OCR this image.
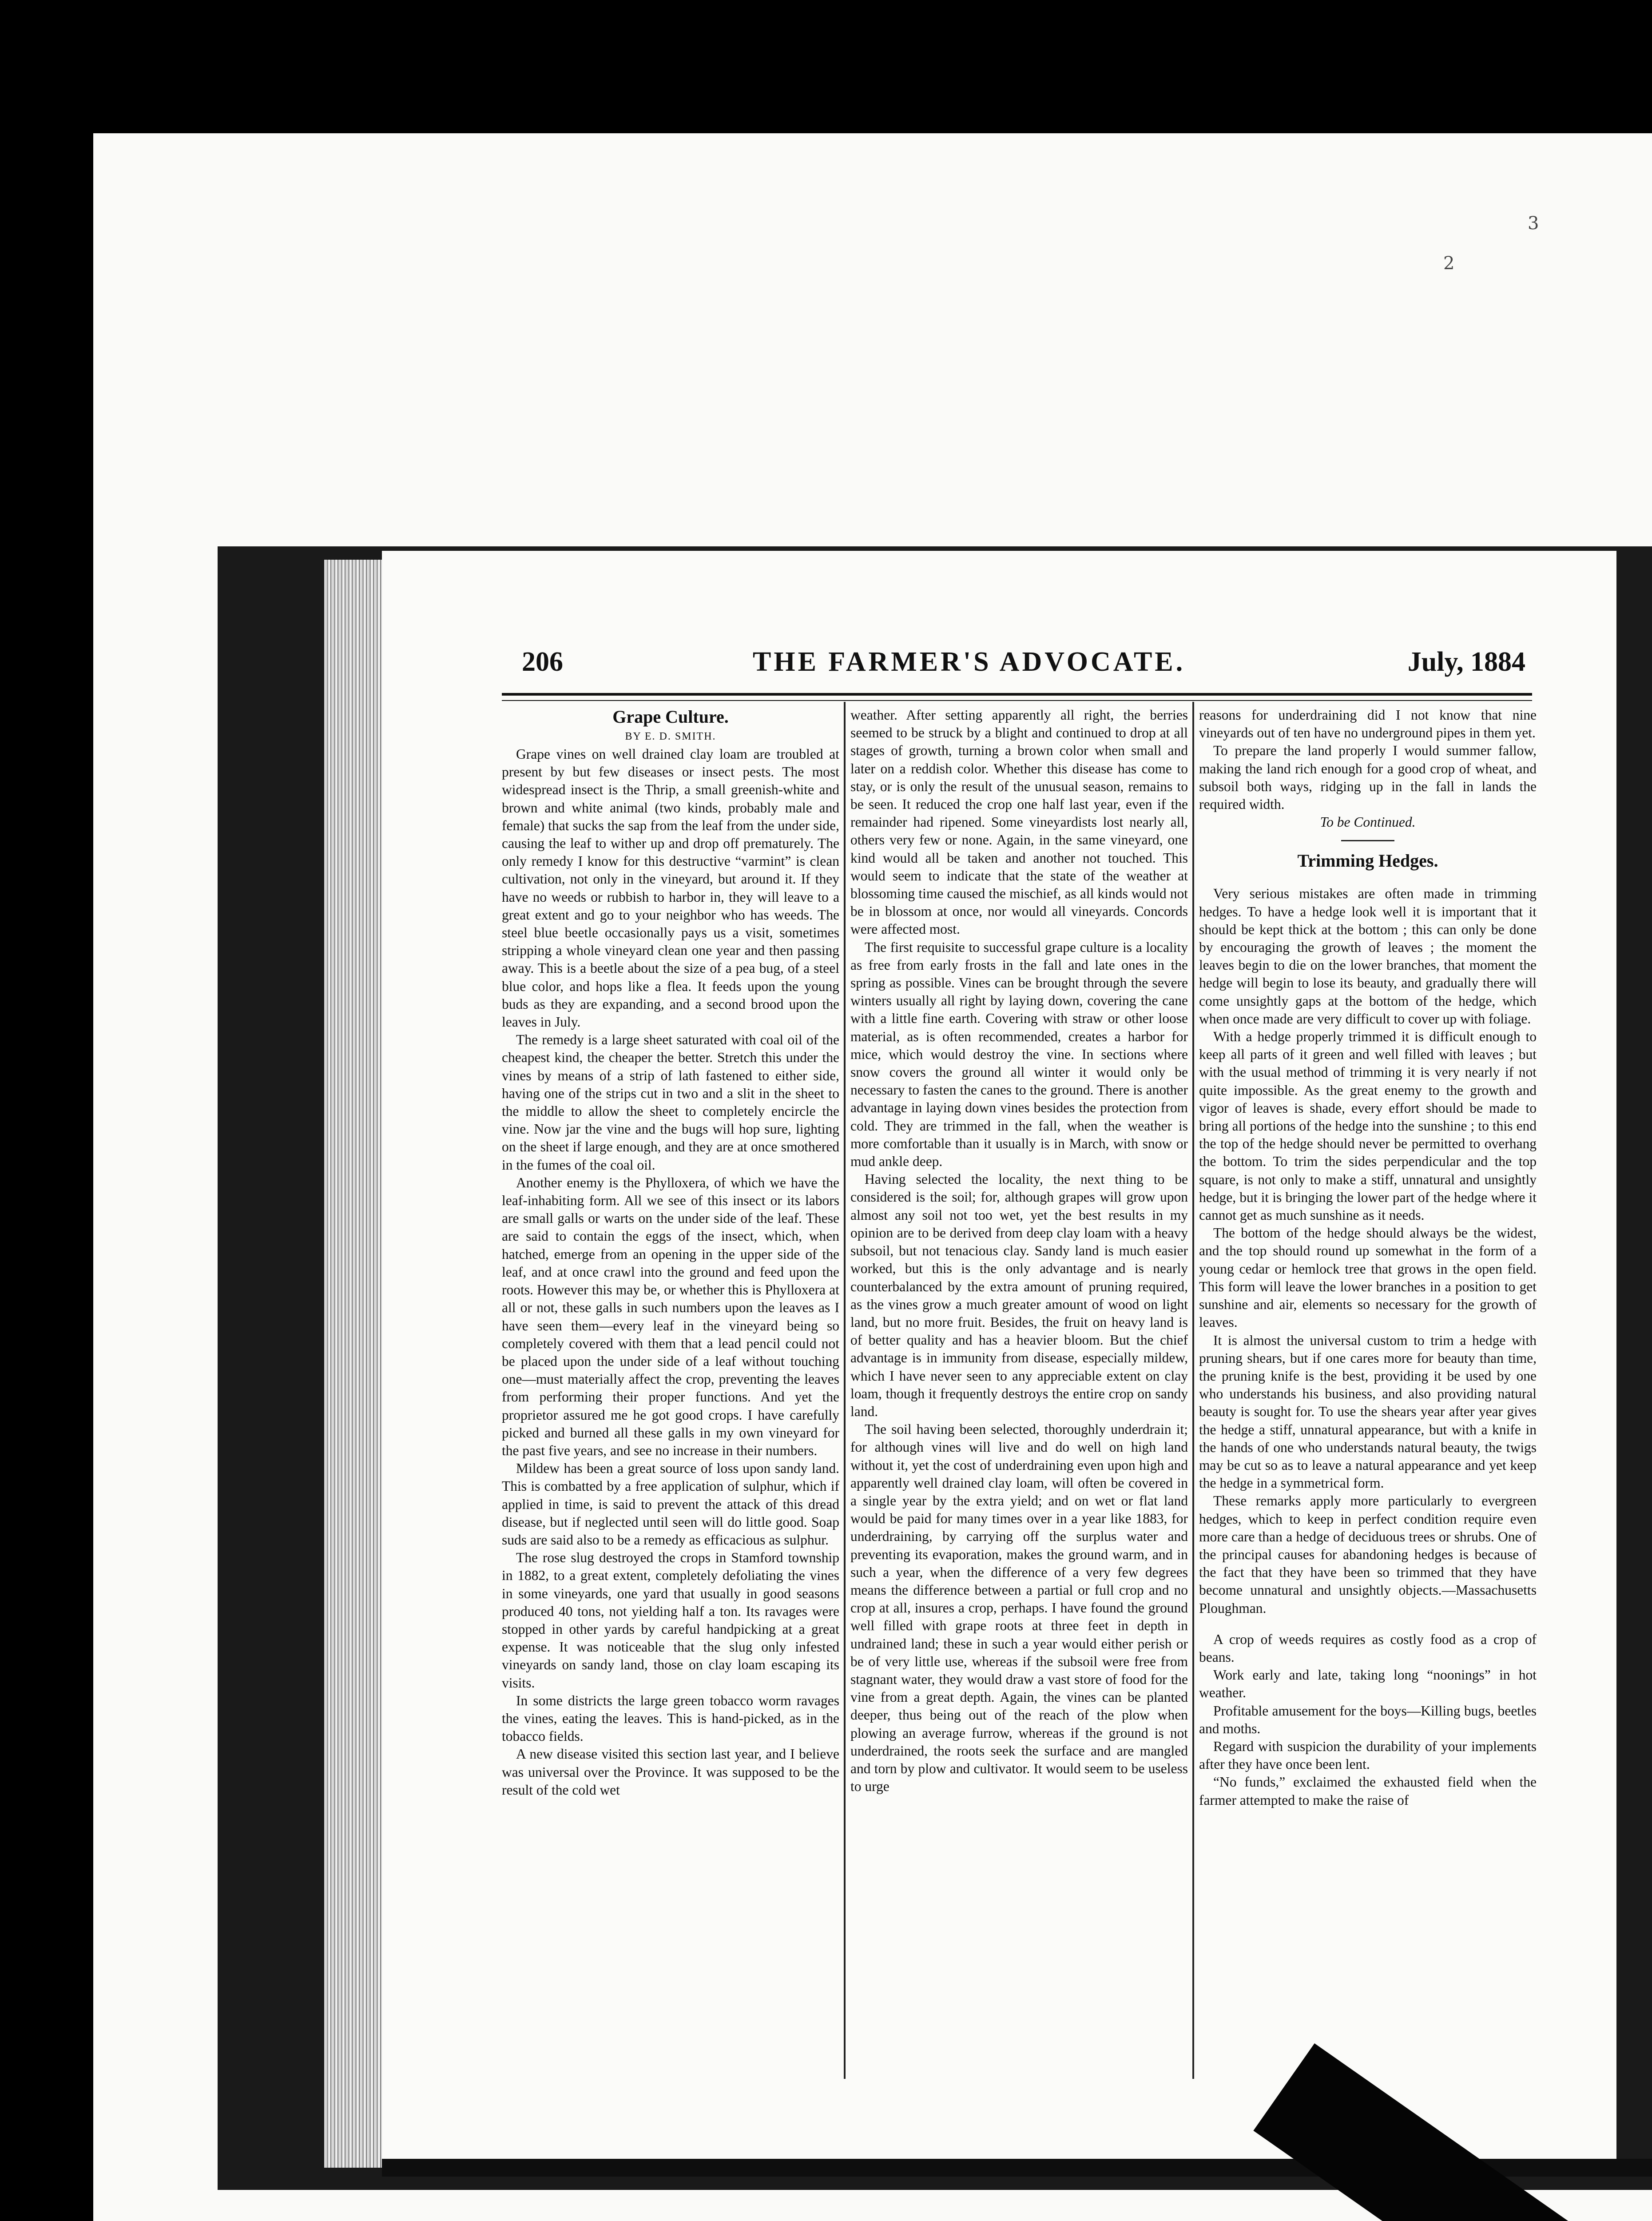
3
2
206	THE FARMER'S ADVOCATE.	July, 1884
Grape Culture.
BY E. D. SMITH.

Grape vines on well drained clay loam are troubled at present by but few diseases or insect pests. The most widespread insect is the Thrip, a small greenish-white and brown and white animal (two kinds, probably male and female) that sucks the sap from the leaf from the under side, causing the leaf to wither up and drop off prematurely. The only remedy I know for this destructive “varmint” is clean cultivation, not only in the vineyard, but around it. If they have no weeds or rubbish to harbor in, they will leave to a great extent and go to your neighbor who has weeds. The steel blue beetle occasionally pays us a visit, sometimes stripping a whole vineyard clean one year and then passing away. This is a beetle about the size of a pea bug, of a steel blue color, and hops like a flea. It feeds upon the young buds as they are expanding, and a second brood upon the leaves in July.

The remedy is a large sheet saturated with coal oil of the cheapest kind, the cheaper the better. Stretch this under the vines by means of a strip of lath fastened to either side, having one of the strips cut in two and a slit in the sheet to the middle to allow the sheet to completely encircle the vine. Now jar the vine and the bugs will hop sure, lighting on the sheet if large enough, and they are at once smothered in the fumes of the coal oil.

Another enemy is the Phylloxera, of which we have the leaf-inhabiting form. All we see of this insect or its labors are small galls or warts on the under side of the leaf. These are said to contain the eggs of the insect, which, when hatched, emerge from an opening in the upper side of the leaf, and at once crawl into the ground and feed upon the roots. However this may be, or whether this is Phylloxera at all or not, these galls in such numbers upon the leaves as I have seen them—every leaf in the vineyard being so completely covered with them that a lead pencil could not be placed upon the under side of a leaf without touching one—must materially affect the crop, preventing the leaves from performing their proper functions. And yet the proprietor assured me he got good crops. I have carefully picked and burned all these galls in my own vineyard for the past five years, and see no increase in their numbers.

Mildew has been a great source of loss upon sandy land. This is combatted by a free application of sulphur, which if applied in time, is said to prevent the attack of this dread disease, but if neglected until seen will do little good. Soap suds are said also to be a remedy as efficacious as sulphur.

The rose slug destroyed the crops in Stamford township in 1882, to a great extent, completely defoliating the vines in some vineyards, one yard that usually in good seasons produced 40 tons, not yielding half a ton. Its ravages were stopped in other yards by careful handpicking at a great expense. It was noticeable that the slug only infested vineyards on sandy land, those on clay loam escaping its visits.

In some districts the large green tobacco worm ravages the vines, eating the leaves. This is hand-picked, as in the tobacco fields.

A new disease visited this section last year, and I believe was universal over the Province. It was supposed to be the result of the cold wet

weather. After setting apparently all right, the berries seemed to be struck by a blight and continued to drop at all stages of growth, turning a brown color when small and later on a reddish color. Whether this disease has come to stay, or is only the result of the unusual season, remains to be seen. It reduced the crop one half last year, even if the remainder had ripened. Some vineyardists lost nearly all, others very few or none. Again, in the same vineyard, one kind would all be taken and another not touched. This would seem to indicate that the state of the weather at blossoming time caused the mischief, as all kinds would not be in blossom at once, nor would all vineyards. Concords were affected most.

The first requisite to successful grape culture is a locality as free from early frosts in the fall and late ones in the spring as possible. Vines can be brought through the severe winters usually all right by laying down, covering the cane with a little fine earth. Covering with straw or other loose material, as is often recommended, creates a harbor for mice, which would destroy the vine. In sections where snow covers the ground all winter it would only be necessary to fasten the canes to the ground. There is another advantage in laying down vines besides the protection from cold. They are trimmed in the fall, when the weather is more comfortable than it usually is in March, with snow or mud ankle deep.

Having selected the locality, the next thing to be considered is the soil; for, although grapes will grow upon almost any soil not too wet, yet the best results in my opinion are to be derived from deep clay loam with a heavy subsoil, but not tenacious clay. Sandy land is much easier worked, but this is the only advantage and is nearly counterbalanced by the extra amount of pruning required, as the vines grow a much greater amount of wood on light land, but no more fruit. Besides, the fruit on heavy land is of better quality and has a heavier bloom. But the chief advantage is in immunity from disease, especially mildew, which I have never seen to any appreciable extent on clay loam, though it frequently destroys the entire crop on sandy land.

The soil having been selected, thoroughly underdrain it; for although vines will live and do well on high land without it, yet the cost of underdraining even upon high and apparently well drained clay loam, will often be covered in a single year by the extra yield; and on wet or flat land would be paid for many times over in a year like 1883, for underdraining, by carrying off the surplus water and preventing its evaporation, makes the ground warm, and in such a year, when the difference of a very few degrees means the difference between a partial or full crop and no crop at all, insures a crop, perhaps. I have found the ground well filled with grape roots at three feet in depth in undrained land; these in such a year would either perish or be of very little use, whereas if the subsoil were free from stagnant water, they would draw a vast store of food for the vine from a great depth. Again, the vines can be planted deeper, thus being out of the reach of the plow when plowing an average furrow, whereas if the ground is not underdrained, the roots seek the surface and are mangled and torn by plow and cultivator. It would seem to be useless to urge

reasons for underdraining did I not know that nine vineyards out of ten have no underground pipes in them yet.

To prepare the land properly I would summer fallow, making the land rich enough for a good crop of wheat, and subsoil both ways, ridging up in the fall in lands the required width.

To be Continued.
Trimming Hedges.

Very serious mistakes are often made in trimming hedges. To have a hedge look well it is important that it should be kept thick at the bottom ; this can only be done by encouraging the growth of leaves ; the moment the leaves begin to die on the lower branches, that moment the hedge will begin to lose its beauty, and gradually there will come unsightly gaps at the bottom of the hedge, which when once made are very difficult to cover up with foliage.

With a hedge properly trimmed it is difficult enough to keep all parts of it green and well filled with leaves ; but with the usual method of trimming it is very nearly if not quite impossible. As the great enemy to the growth and vigor of leaves is shade, every effort should be made to bring all portions of the hedge into the sunshine ; to this end the top of the hedge should never be permitted to overhang the bottom. To trim the sides perpendicular and the top square, is not only to make a stiff, unnatural and unsightly hedge, but it is bringing the lower part of the hedge where it cannot get as much sunshine as it needs.

The bottom of the hedge should always be the widest, and the top should round up somewhat in the form of a young cedar or hemlock tree that grows in the open field. This form will leave the lower branches in a position to get sunshine and air, elements so necessary for the growth of leaves.

It is almost the universal custom to trim a hedge with pruning shears, but if one cares more for beauty than time, the pruning knife is the best, providing it be used by one who understands his business, and also providing natural beauty is sought for. To use the shears year after year gives the hedge a stiff, unnatural appearance, but with a knife in the hands of one who understands natural beauty, the twigs may be cut so as to leave a natural appearance and yet keep the hedge in a symmetrical form.

These remarks apply more particularly to evergreen hedges, which to keep in perfect condition require even more care than a hedge of deciduous trees or shrubs. One of the principal causes for abandoning hedges is because of the fact that they have been so trimmed that they have become unnatural and unsightly objects.—Massachusetts Ploughman.

A crop of weeds requires as costly food as a crop of beans.

Work early and late, taking long “noonings” in hot weather.

Profitable amusement for the boys—Killing bugs, beetles and moths.

Regard with suspicion the durability of your implements after they have once been lent.

“No funds,” exclaimed the exhausted field when the farmer attempted to make the raise of
